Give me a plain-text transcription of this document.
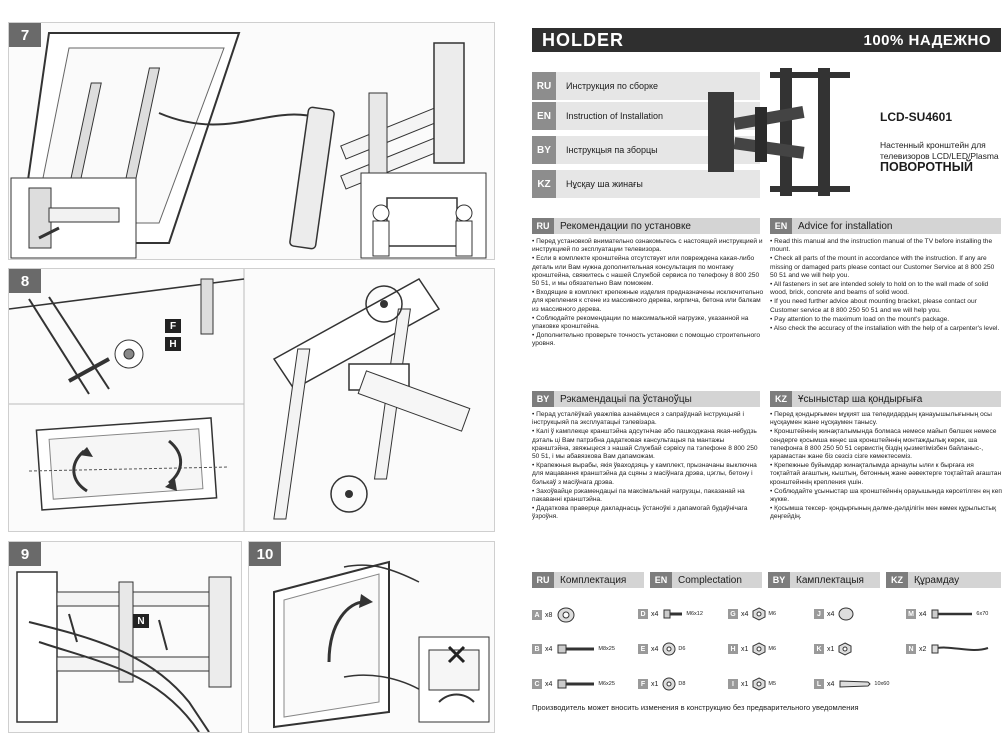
7
8
F
H
9
N
10
HOLDER	100% НАДЕЖНО
RU	Инструкция по сборке
EN	Instruction of Installation
BY	Інструкцыя па зборцы
KZ	Нұсқау ша жинағы
LCD-SU4601
Настенный кронштейн для телевизоров LCD/LED/Plasma
ПОВОРОТНЫЙ
RU	Рекомендации по установке

• Перед установкой внимательно ознакомьтесь с настоящей инструкцией и инструкцией по эксплуатации телевизора.

• Если в комплекте кронштейна отсутствует или повреждена какая-либо деталь или Вам нужна дополнительная консультация по монтажу кронштейна, свяжитесь с нашей Службой сервиса по телефону 8 800 250 50 51, и мы обязательно Вам поможем.

• Входящие в комплект крепежные изделия предназначены исключительно для крепления к стене из массивного дерева, кирпича, бетона или балкам из массивного дерева.

• Соблюдайте рекомендации по максимальной нагрузке, указанной на упаковке кронштейна.

• Дополнительно проверьте точность установки с помощью строительного уровня.

EN	Advice for installation

• Read this manual and the instruction manual of the TV before installing the mount.

• Check all parts of the mount in accordance with the instruction. If any are missing or damaged parts please contact our Customer Service at 8 800 250 50 51 and we will help you.

• All fasteners in set are intended solely to hold on to the wall made of solid wood, brick, concrete and beams of solid wood.

• If you need further advice about mounting bracket, please contact our Customer service at 8 800 250 50 51 and we will help you.

• Pay attention to the maximum load on the mount's package.

• Also check the accuracy of the installation with the help of a carpenter's level.

BY	Рэкамендацыі па ўстаноўцы

• Перад усталёўкай уважліва азнаёмцеся з сапраўднай інструкцыяй і інструкцыяй па эксплуатацыі тэлевізара.

• Калі ў камплекце кранштэйна адсутнічае або пашкоджана якая-небудзь дэталь ці Вам патрэбна дадатковая кансультацыя па мантажы кранштэйна, звяжыцеся з нашай Службай сэрвісу па тэлефоне 8 800 250 50 51, і мы абавязкова Вам дапаможам.

• Крапежныя вырабы, якія ўваходзяць у камплект, прызначаны выключна для мацавання кранштэйна да сцяны з масіўнага дрэва, цэглы, бетону і бэлькаў з масіўнага дрэва.

• Захоўвайце рэкамендацыі па максімальнай нагрузцы, паказанай на пакаванні кранштэйна.

• Дадаткова праверце дакладнасць ўстаноўкі з дапамогай будаўнічага ўзроўня.

KZ	Ұсыныстар ша қондырғыға

• Перед қондырғымен мұқият ша теледидардың қанауышылығының осы нұсқаумен жане нұсқаумен танысу.

• Кронштейннің жинақталымында болмаса немесе майып бөлшек немесе сендерге қосымша кеңес ша кронштейннің монтаждылық керек, ша телефонға 8 800 250 50 51 сервистің біздің қызметімізбен байланыс-, қарамастан жане біз сөзсіз сізге көмектесеміз.

• Крепежные буйымдар жинақталымда арнаулы ылғи к бырғаға ия тоқтайтай ағаштың, кыштың, бетонның жане әәвектерге тоқтайтай ағаштан кронштейннің крепления үшін.

• Соблюдайте ұсыныстар ша кронштейннің орауышында көрсетілген ең кеп жүкке.

• Қосымша тексер- қондырғының дәлме-дәлділігін мен көмек құрылыстық деңгейдің.

RU	Комплектация	EN	Complectation	BY	Камплектацыя	KZ	Құрамдау
A x8
B x4	M8x25
C x4	M6x25
D x4	M6x12
E x4	D6
F x1	D8
G x4	M6
H x1	M6
I	x1	M5
J x4
K x1
L x4	10x60
M x4	6x70
N x2
Производитель может вносить изменения в конструкцию без предварительного уведомления
